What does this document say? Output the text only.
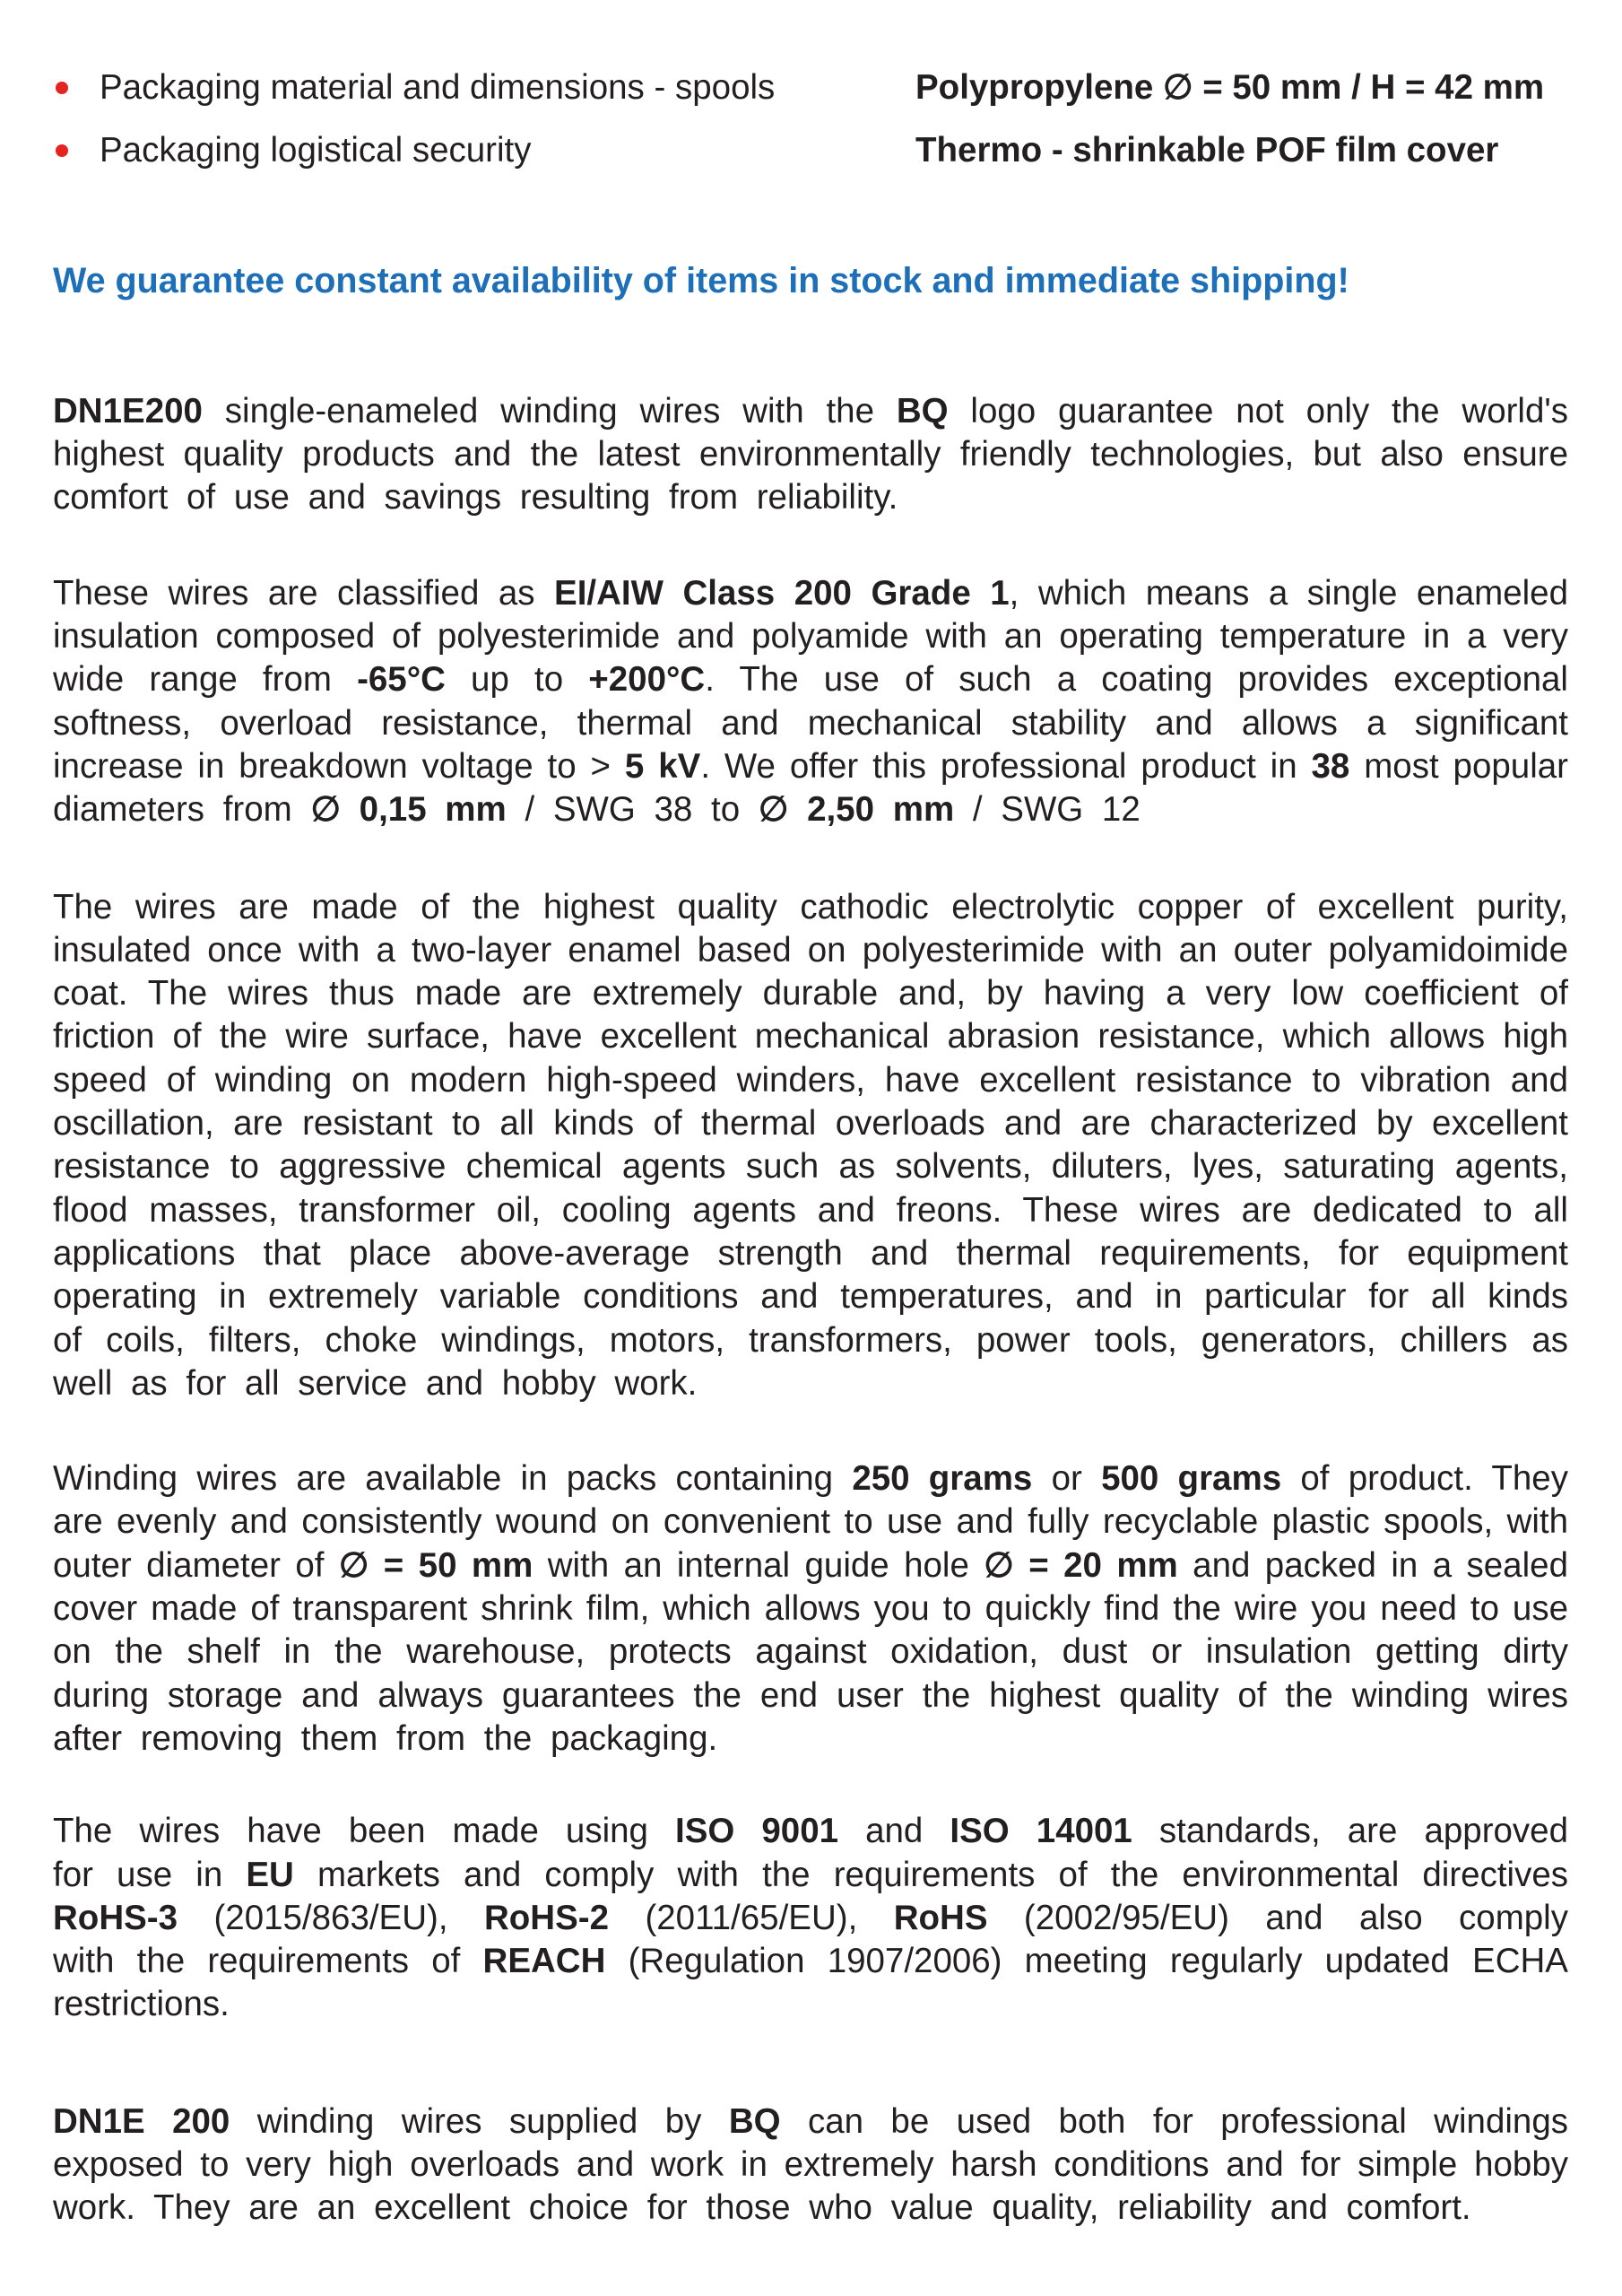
Packaging material and dimensions - spools	Polypropylene ∅ = 50 mm / H = 42 mm
Packaging logistical security	Thermo - shrinkable POF film cover
We guarantee constant availability of items in stock and immediate shipping!
DN1E200 single-enameled winding wires with the BQ logo guarantee not only the world's
highest quality products and the latest environmentally friendly technologies, but also ensure
comfort of use and savings resulting from reliability.
These wires are classified as EI/AIW Class 200 Grade 1, which means a single enameled
insulation composed of polyesterimide and polyamide with an operating temperature in a very
wide range from -65°C up to +200°C. The use of such a coating provides exceptional
softness, overload resistance, thermal and mechanical stability and allows a significant
increase in breakdown voltage to > 5 kV. We offer this professional product in 38 most popular
diameters from ∅ 0,15 mm / SWG 38 to ∅ 2,50 mm / SWG 12
The wires are made of the highest quality cathodic electrolytic copper of excellent purity,
insulated once with a two-layer enamel based on polyesterimide with an outer polyamidoimide
coat. The wires thus made are extremely durable and, by having a very low coefficient of
friction of the wire surface, have excellent mechanical abrasion resistance, which allows high
speed of winding on modern high-speed winders, have excellent resistance to vibration and
oscillation, are resistant to all kinds of thermal overloads and are characterized by excellent
resistance to aggressive chemical agents such as solvents, diluters, lyes, saturating agents,
flood masses, transformer oil, cooling agents and freons. These wires are dedicated to all
applications that place above-average strength and thermal requirements, for equipment
operating in extremely variable conditions and temperatures, and in particular for all kinds
of coils, filters, choke windings, motors, transformers, power tools, generators, chillers as
well as for all service and hobby work.
Winding wires are available in packs containing 250 grams or 500 grams of product. They
are evenly and consistently wound on convenient to use and fully recyclable plastic spools, with
outer diameter of ∅ = 50 mm with an internal guide hole ∅ = 20 mm and packed in a sealed
cover made of transparent shrink film, which allows you to quickly find the wire you need to use
on the shelf in the warehouse, protects against oxidation, dust or insulation getting dirty
during storage and always guarantees the end user the highest quality of the winding wires
after removing them from the packaging.
The wires have been made using ISO 9001 and ISO 14001 standards, are approved
for use in EU markets and comply with the requirements of the environmental directives
RoHS-3 (2015/863/EU), RoHS-2 (2011/65/EU), RoHS (2002/95/EU) and also comply
with the requirements of REACH (Regulation 1907/2006) meeting regularly updated ECHA
restrictions.
DN1E 200 winding wires supplied by BQ can be used both for professional windings
exposed to very high overloads and work in extremely harsh conditions and for simple hobby
work. They are an excellent choice for those who value quality, reliability and comfort.
